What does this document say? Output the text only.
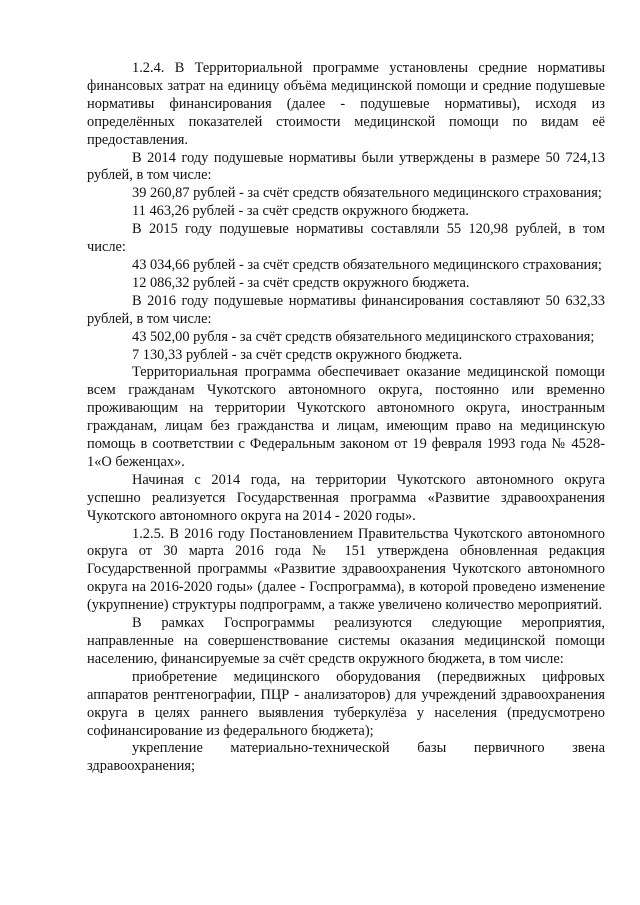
1.2.4. В Территориальной программе установлены средние нормативы финансовых затрат на единицу объёма медицинской помощи и средние подушевые нормативы финансирования (далее - подушевые нормативы), исходя из определённых показателей стоимости медицинской помощи по видам её предоставления.

В 2014 году подушевые нормативы были утверждены в размере 50 724,13 рублей, в том числе:

39 260,87 рублей - за счёт средств обязательного медицинского страхования;

11 463,26 рублей - за счёт средств окружного бюджета.

В 2015 году подушевые нормативы составляли 55 120,98 рублей, в том числе:

43 034,66 рублей - за счёт средств обязательного медицинского страхования;

12 086,32 рублей - за счёт средств окружного бюджета.

В 2016 году подушевые нормативы финансирования составляют 50 632,33 рублей, в том числе:

43 502,00 рубля - за счёт средств обязательного медицинского страхования;

7 130,33 рублей - за счёт средств окружного бюджета.

Территориальная программа обеспечивает оказание медицинской помощи всем гражданам Чукотского автономного округа, постоянно или временно проживающим на территории Чукотского автономного округа, иностранным гражданам, лицам без гражданства и лицам, имеющим право на медицинскую помощь в соответствии с Федеральным законом от 19 февраля 1993 года № 4528-1«О беженцах».

Начиная с 2014 года, на территории Чукотского автономного округа успешно реализуется Государственная программа «Развитие здравоохранения Чукотского автономного округа на 2014 - 2020 годы».

1.2.5. В 2016 году Постановлением Правительства Чукотского автономного округа от 30 марта 2016 года № 151 утверждена обновленная редакция Государственной программы «Развитие здравоохранения Чукотского автономного округа на 2016-2020 годы» (далее - Госпрограмма), в которой проведено изменение (укрупнение) структуры подпрограмм, а также увеличено количество мероприятий.

В рамках Госпрограммы реализуются следующие мероприятия, направленные на совершенствование системы оказания медицинской помощи населению, финансируемые за счёт средств окружного бюджета, в том числе:

приобретение медицинского оборудования (передвижных цифровых аппаратов рентгенографии, ПЦР - анализаторов) для учреждений здравоохранения округа в целях раннего выявления туберкулёза у населения (предусмотрено софинансирование из федерального бюджета);

укрепление материально-технической базы первичного звена здравоохранения;
